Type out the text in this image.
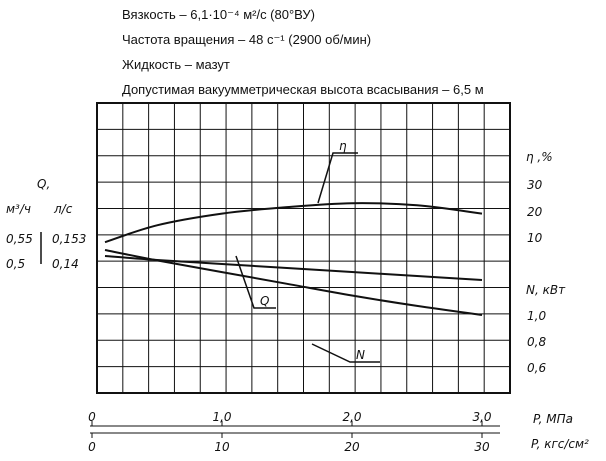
Вязкость – 6,1·10⁻⁴ м²/с (80°ВУ)
Частота вращения – 48 с⁻¹ (2900 об/мин)
Жидкость – мазут
Допустимая вакуумметрическая высота всасывания – 6,5 м
η
Q
N
Q,
м³/ч л/с
0,55 0,153
0,5 0,14
η ,%
30
20
10
N, кВт
1,0
0,8
0,6
0	1,0	2,0	3,0
0	10	20	30
P, МПа
P, кгс/см²
